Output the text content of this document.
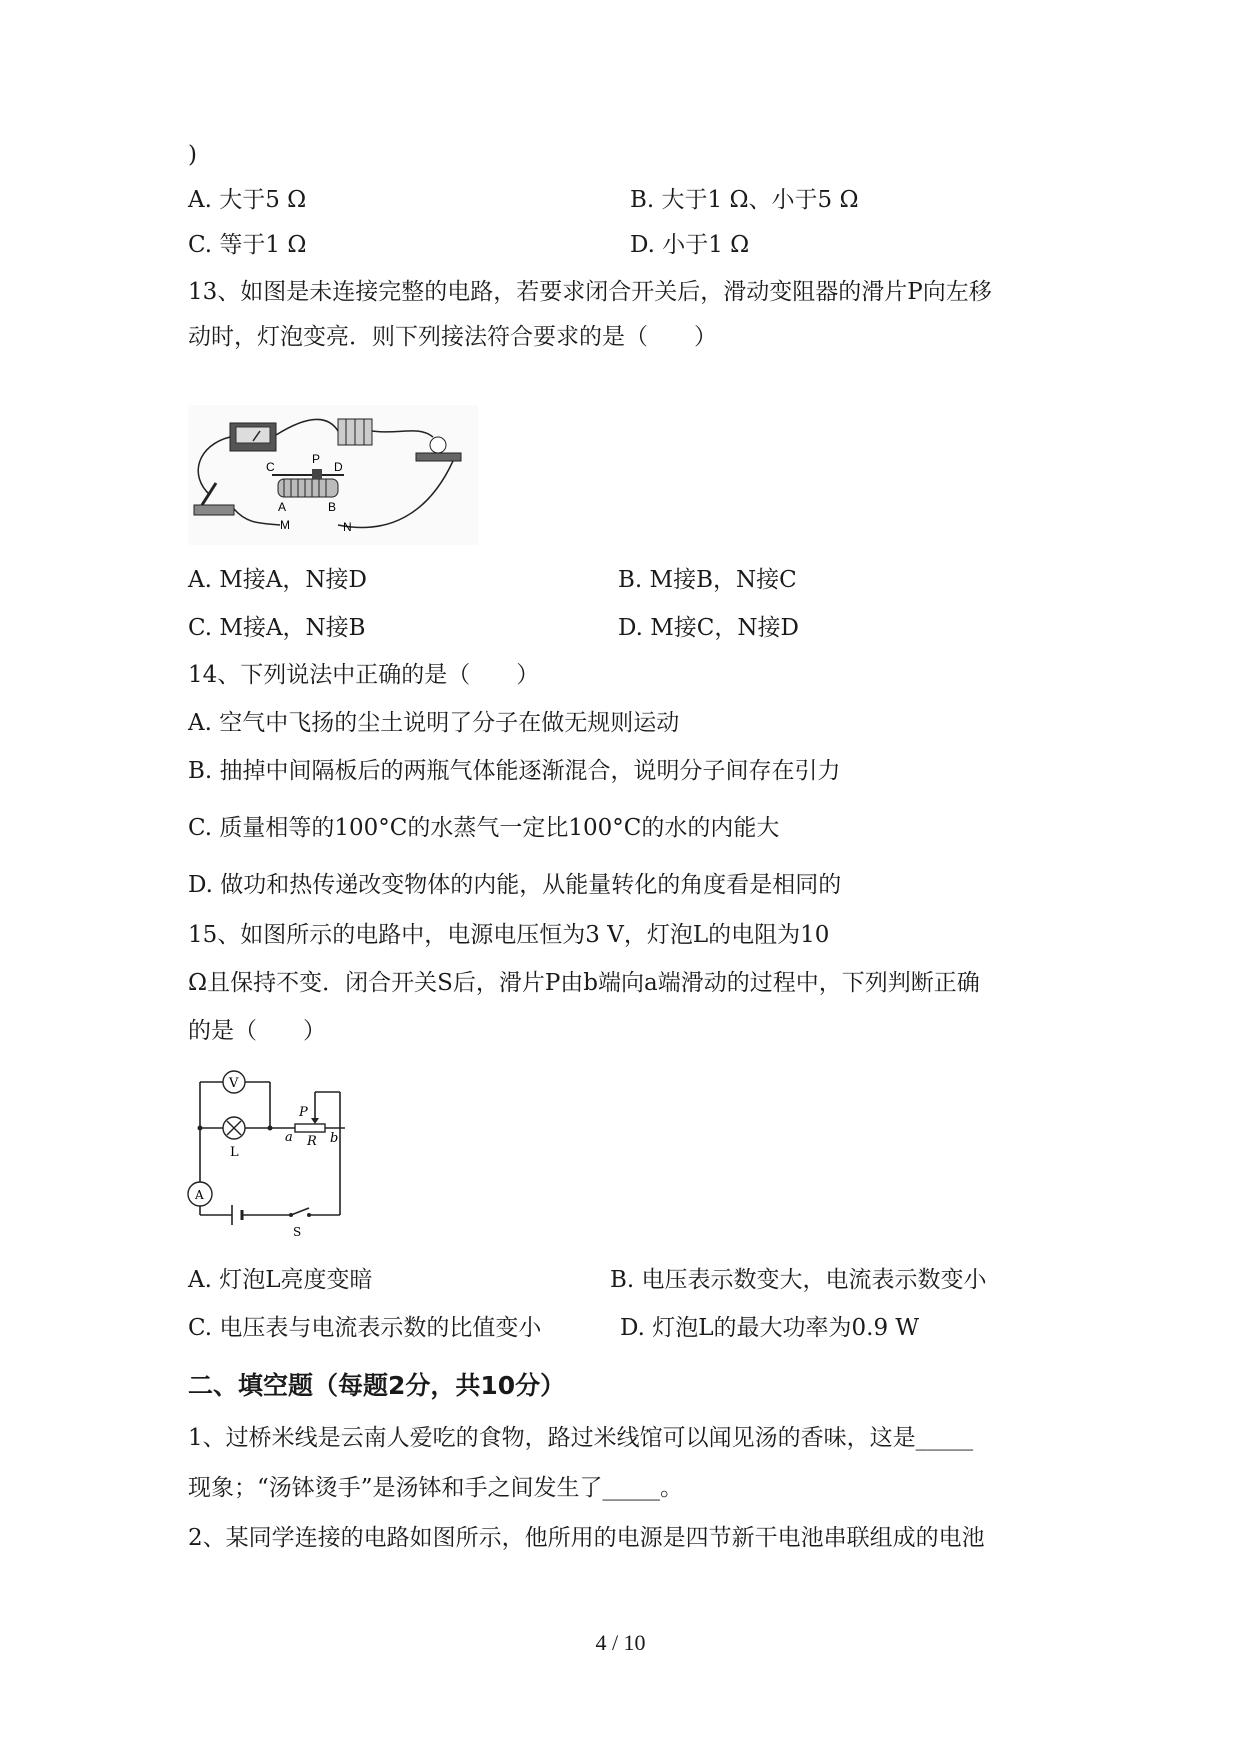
)
A. 大于5 Ω	B. 大于1 Ω、小于5 Ω
C. 等于1 Ω	D. 小于1 Ω
13、如图是未连接完整的电路，若要求闭合开关后，滑动变阻器的滑片P向左移
动时，灯泡变亮．则下列接法符合要求的是（　　）
C
P
D
A	B
M	N
A. M接A，N接D	B. M接B，N接C
C. M接A，N接B	D. M接C，N接D
14、下列说法中正确的是（　　）
A. 空气中飞扬的尘土说明了分子在做无规则运动
B. 抽掉中间隔板后的两瓶气体能逐渐混合，说明分子间存在引力
C. 质量相等的100°C的水蒸气一定比100°C的水的内能大
D. 做功和热传递改变物体的内能，从能量转化的角度看是相同的
15、如图所示的电路中，电源电压恒为3 V，灯泡L的电阻为10
Ω且保持不变．闭合开关S后，滑片P由b端向a端滑动的过程中，下列判断正确
的是（　　）
V
L
P
a R b
A
S
A. 灯泡L亮度变暗	B. 电压表示数变大，电流表示数变小
C. 电压表与电流表示数的比值变小	D. 灯泡L的最大功率为0.9 W
二、填空题（每题2分，共10分）
1、过桥米线是云南人爱吃的食物，路过米线馆可以闻见汤的香味，这是_____
现象；“汤钵烫手”是汤钵和手之间发生了_____。
2、某同学连接的电路如图所示，他所用的电源是四节新干电池串联组成的电池
4 / 10
